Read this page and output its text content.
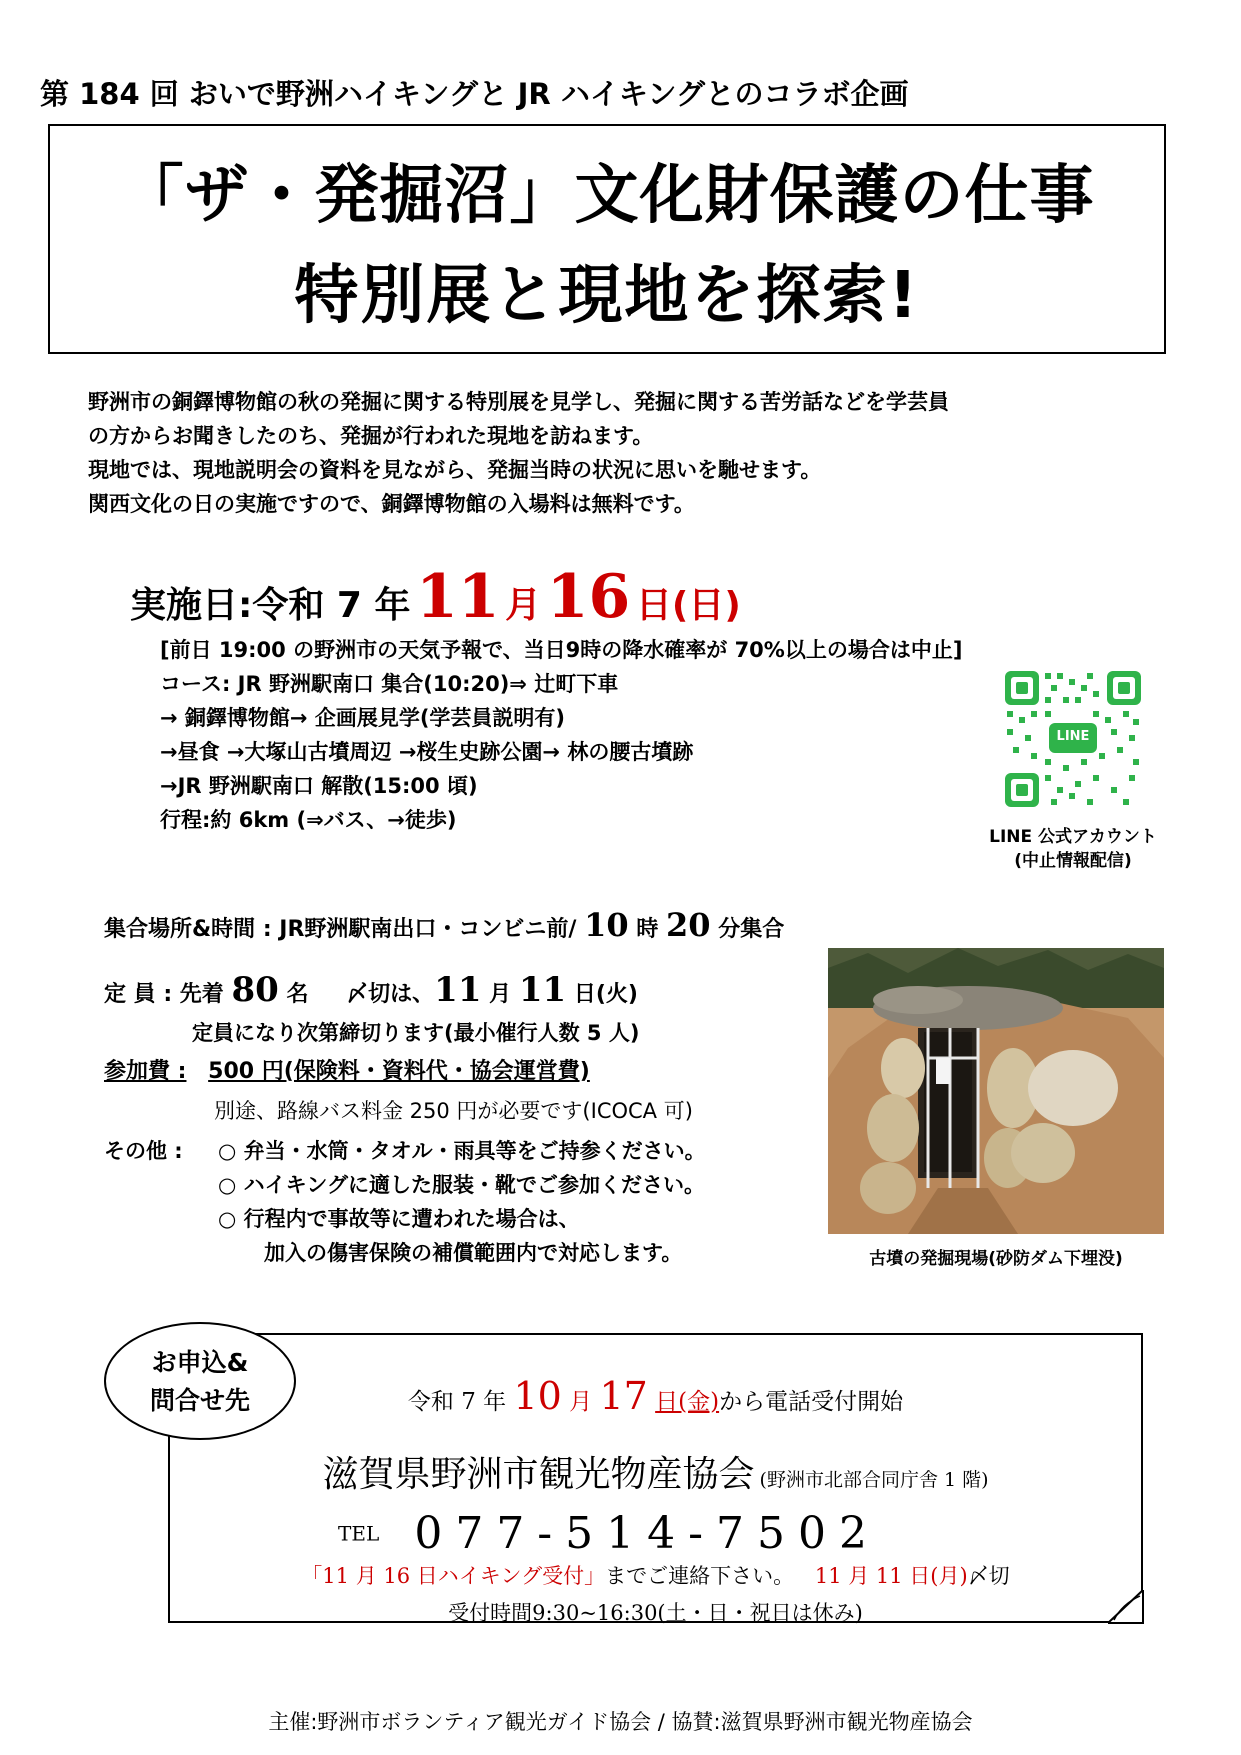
第 184 回 おいで野洲ハイキングと JR ハイキングとのコラボ企画
「ザ・発掘沼」文化財保護の仕事
特別展と現地を探索!
野洲市の銅鐸博物館の秋の発掘に関する特別展を見学し、発掘に関する苦労話などを学芸員
の方からお聞きしたのち、発掘が行われた現地を訪ねます。
現地では、現地説明会の資料を見ながら、発掘当時の状況に思いを馳せます。
関西文化の日の実施ですので、銅鐸博物館の入場料は無料です。
実施日:令和 7 年 11 月 16 日(日)
[前日 19:00 の野洲市の天気予報で、当日9時の降水確率が 70%以上の場合は中止]
コース: JR 野洲駅南口 集合(10:20)⇒ 辻町下車
→ 銅鐸博物館→ 企画展見学(学芸員説明有)
→昼食 →大塚山古墳周辺 →桜生史跡公園→ 林の腰古墳跡
→JR 野洲駅南口 解散(15:00 頃)
行程:約 6km (⇒バス、→徒歩)
LINE
LINE 公式アカウント
(中止情報配信)
集合場所&時間 : JR野洲駅南出口・コンビニ前/ 10 時 20 分集合
定 員 : 先着 80 名 〆切は、11 月 11 日(火)
定員になり次第締切ります(最小催行人数 5 人)
参加費 : 500 円(保険料・資料代・協会運営費)
別途、路線バス料金 250 円が必要です(ICOCA 可)
その他 : ○ 弁当・水筒・タオル・雨具等をご持参ください。
○ ハイキングに適した服装・靴でご参加ください。
○ 行程内で事故等に遭われた場合は、
加入の傷害保険の補償範囲内で対応します。	古墳の発掘現場(砂防ダム下埋没)
お申込&
問合せ先	令和 7 年 10 月 17 日(金)から電話受付開始
滋賀県野洲市観光物産協会 (野洲市北部合同庁舎 1 階)
TEL 077-514-7502
「11 月 16 日ハイキング受付」までご連絡下さい。 11 月 11 日(月)〆切
受付時間9:30~16:30(土・日・祝日は休み)
主催:野洲市ボランティア観光ガイド協会 / 協賛:滋賀県野洲市観光物産協会
